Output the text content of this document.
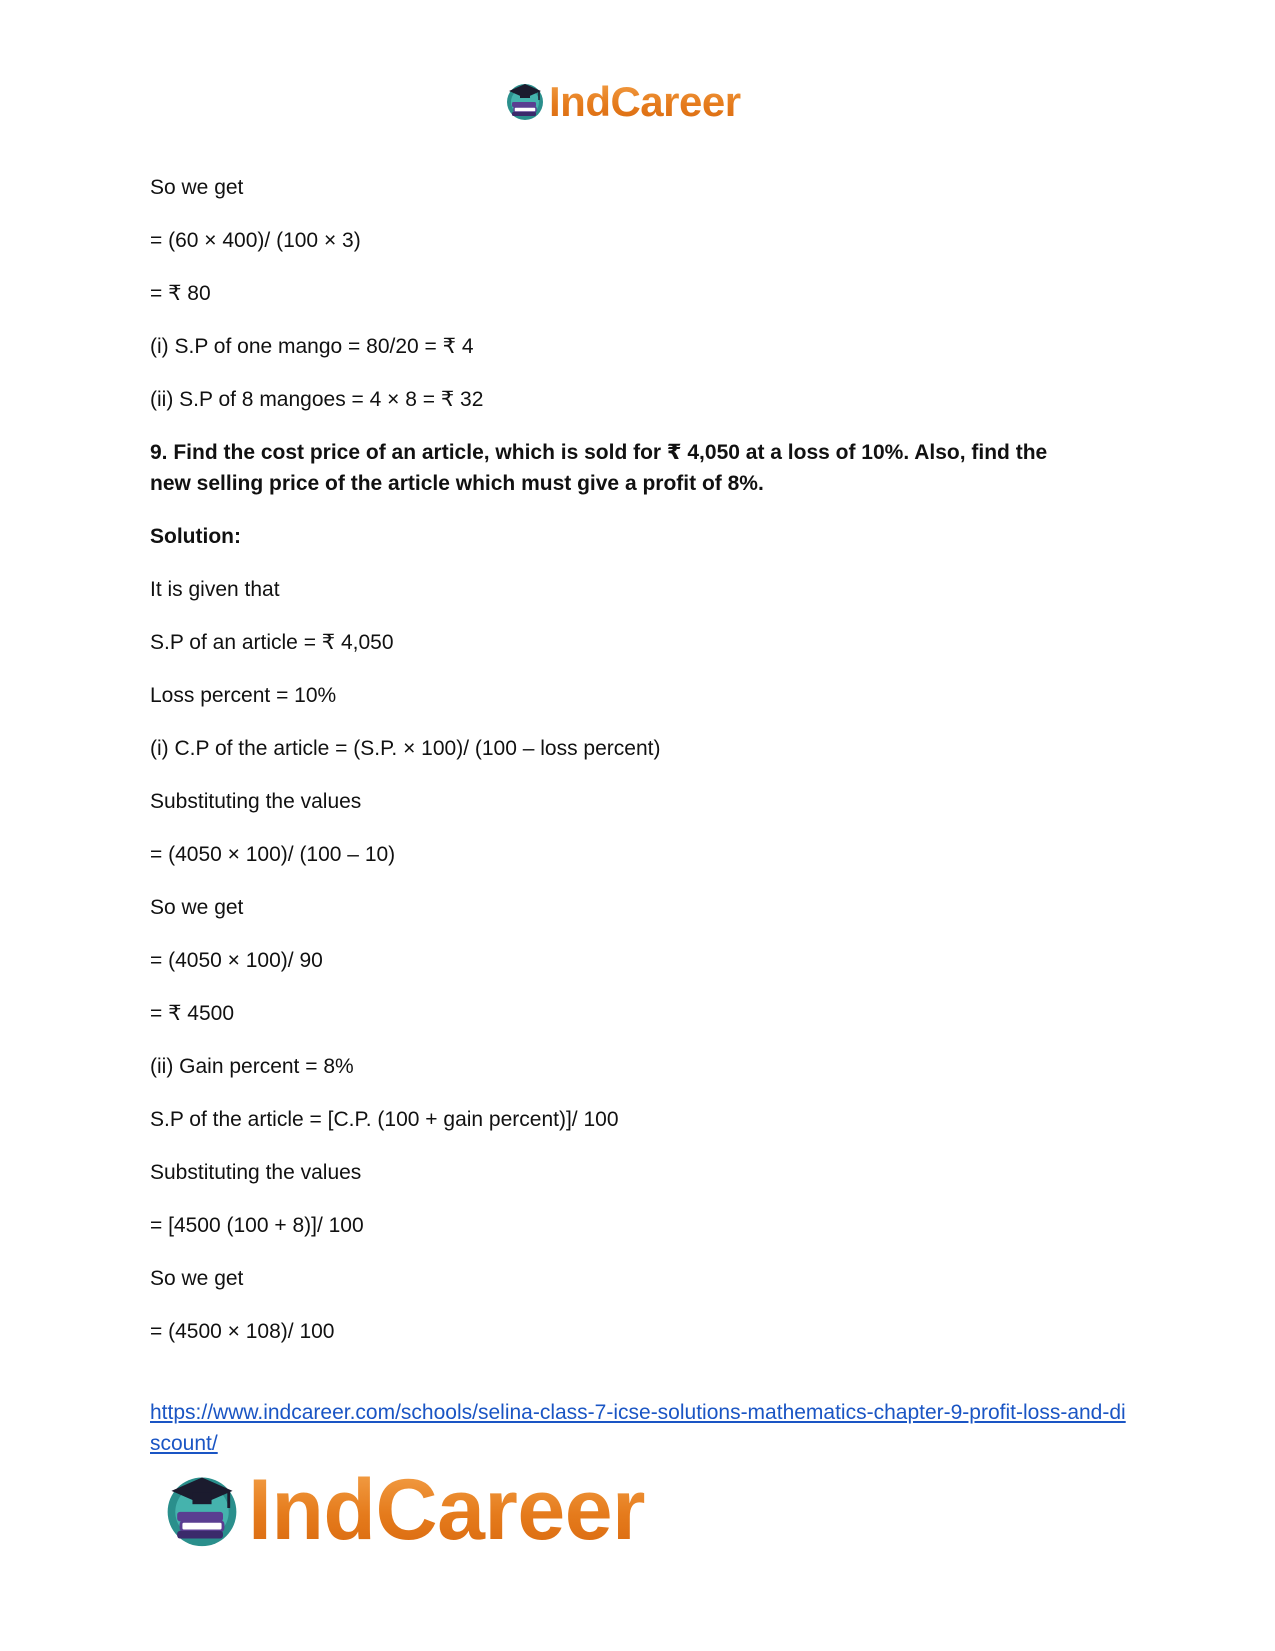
IndCareer
So we get
= (60 × 400)/ (100 × 3)
= ₹ 80
(i) S.P of one mango = 80/20 = ₹ 4
(ii) S.P of 8 mangoes = 4 × 8 = ₹ 32
9. Find the cost price of an article, which is sold for ₹ 4,050 at a loss of 10%. Also, find the new selling price of the article which must give a profit of 8%.
Solution:
It is given that
S.P of an article = ₹ 4,050
Loss percent = 10%
(i) C.P of the article = (S.P. × 100)/ (100 – loss percent)
Substituting the values
= (4050 × 100)/ (100 – 10)
So we get
= (4050 × 100)/ 90
= ₹ 4500
(ii) Gain percent = 8%
S.P of the article = [C.P. (100 + gain percent)]/ 100
Substituting the values
= [4500 (100 + 8)]/ 100
So we get
= (4500 × 108)/ 100
https://www.indcareer.com/schools/selina-class-7-icse-solutions-mathematics-chapter-9-profit-loss-and-discount/
IndCareer
